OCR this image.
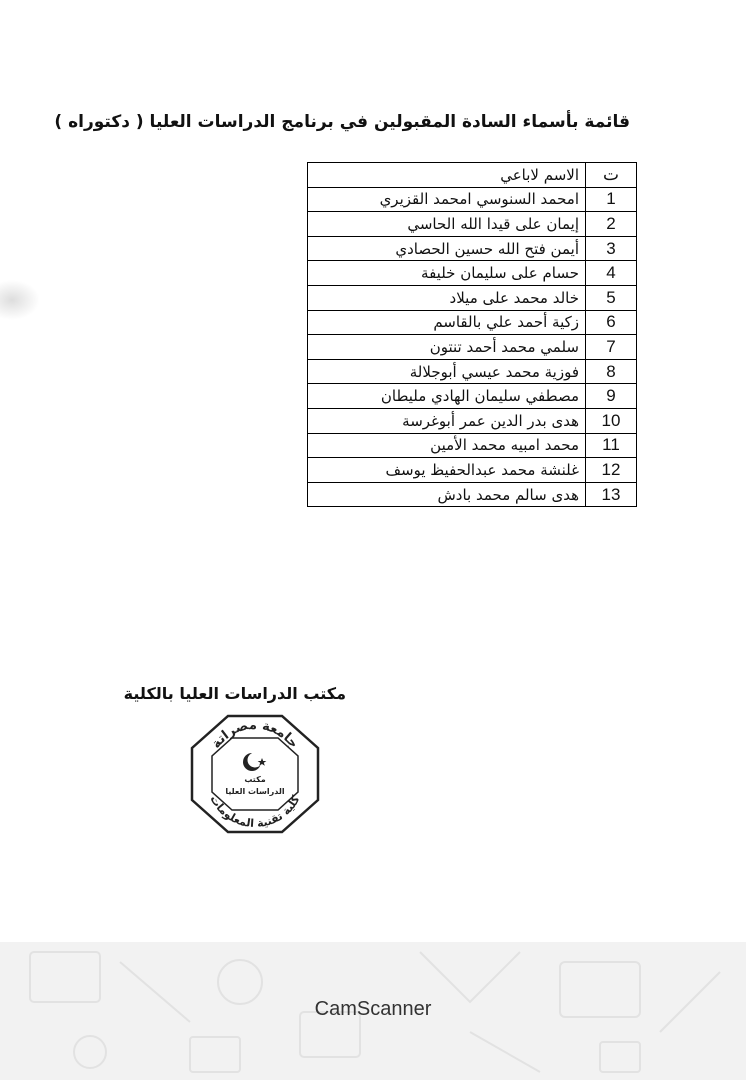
قائمة بأسماء السادة المقبولين في برنامج الدراسات العليا ( دكتوراه )
ت	الاسم لاباعي
1	امحمد السنوسي امحمد القزيري
2	إيمان على قيدا الله الحاسي
3	أيمن فتح الله حسين الحصادي
4	حسام على سليمان خليفة
5	خالد محمد على ميلاد
6	زكية أحمد علي بالقاسم
7	سلمي محمد أحمد تنتون
8	فوزية محمد عيسي أبوجلالة
9	مصطفي سليمان الهادي مليطان
10	هدى بدر الدين عمر أبوغرسة
11	محمد امبيه محمد الأمين
12	غلنشة محمد عبدالحفيظ يوسف
13	هدى سالم محمد بادش
مكتب الدراسات العليا بالكلية
جامعة مصراتة
كلية تقنية المعلومات
مكتب
الدراسات العليا
CamScanner
